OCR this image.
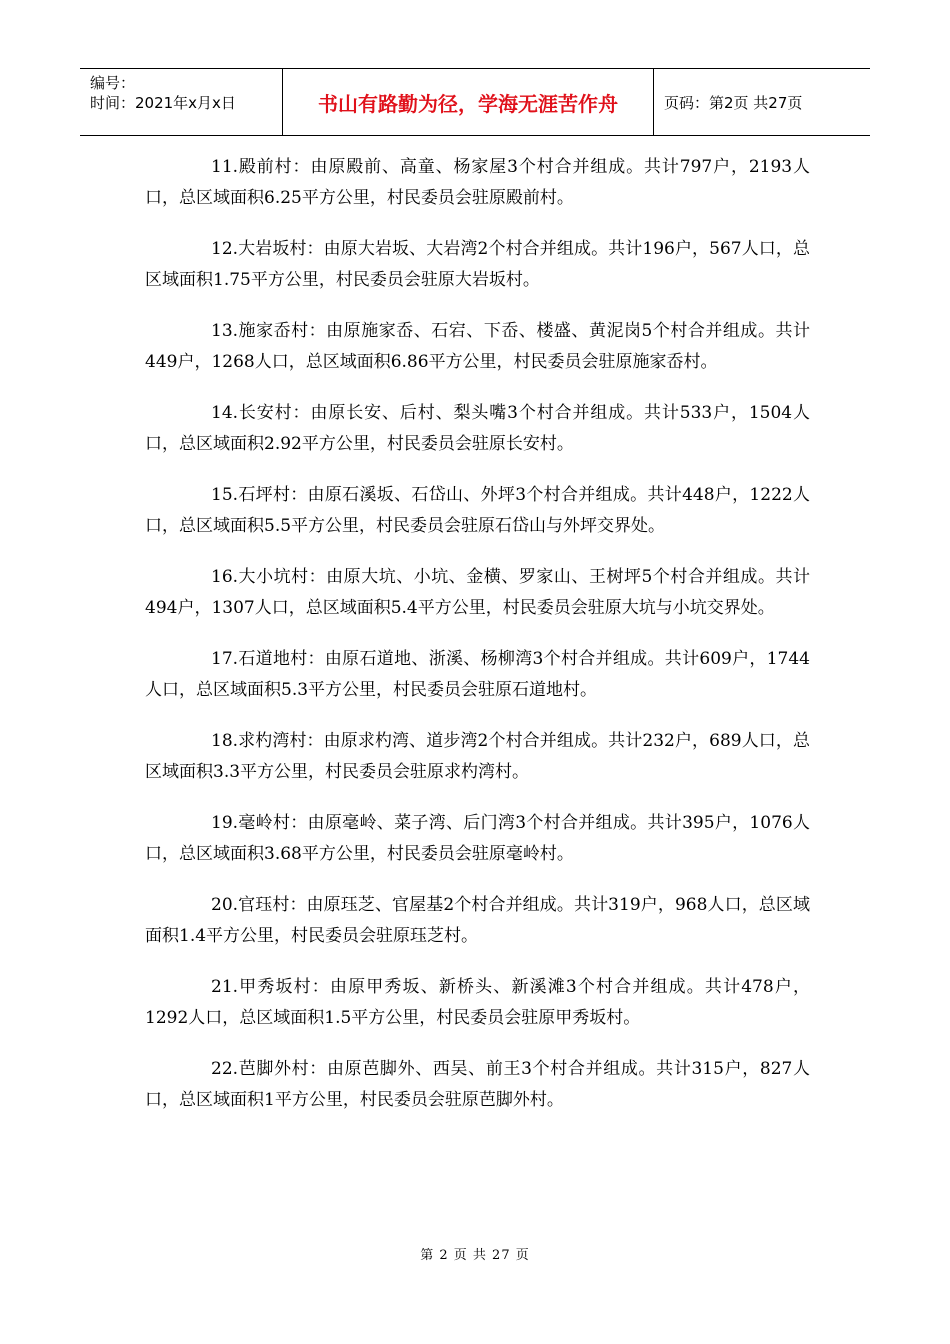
编号：
时间：2021年x月x日	书山有路勤为径，学海无涯苦作舟	页码：第2页 共27页

11.殿前村：由原殿前、高童、杨家屋3个村合并组成。共计797户，2193人口，总区域面积6.25平方公里，村民委员会驻原殿前村。

12.大岩坂村：由原大岩坂、大岩湾2个村合并组成。共计196户，567人口，总区域面积1.75平方公里，村民委员会驻原大岩坂村。

13.施家岙村：由原施家岙、石宕、下岙、楼盛、黄泥岗5个村合并组成。共计449户，1268人口，总区域面积6.86平方公里，村民委员会驻原施家岙村。

14.长安村：由原长安、后村、梨头嘴3个村合并组成。共计533户，1504人口，总区域面积2.92平方公里，村民委员会驻原长安村。

15.石坪村：由原石溪坂、石岱山、外坪3个村合并组成。共计448户，1222人口，总区域面积5.5平方公里，村民委员会驻原石岱山与外坪交界处。

16.大小坑村：由原大坑、小坑、金横、罗家山、王树坪5个村合并组成。共计494户，1307人口，总区域面积5.4平方公里，村民委员会驻原大坑与小坑交界处。

17.石道地村：由原石道地、浙溪、杨柳湾3个村合并组成。共计609户，1744人口，总区域面积5.3平方公里，村民委员会驻原石道地村。

18.求杓湾村：由原求杓湾、道步湾2个村合并组成。共计232户，689人口，总区域面积3.3平方公里，村民委员会驻原求杓湾村。

19.毫岭村：由原毫岭、菜子湾、后门湾3个村合并组成。共计395户，1076人口，总区域面积3.68平方公里，村民委员会驻原毫岭村。

20.官珏村：由原珏芝、官屋基2个村合并组成。共计319户，968人口，总区域面积1.4平方公里，村民委员会驻原珏芝村。

21.甲秀坂村：由原甲秀坂、新桥头、新溪滩3个村合并组成。共计478户，1292人口，总区域面积1.5平方公里，村民委员会驻原甲秀坂村。

22.芭脚外村：由原芭脚外、西吴、前王3个村合并组成。共计315户，827人口，总区域面积1平方公里，村民委员会驻原芭脚外村。

第 2 页 共 27 页
